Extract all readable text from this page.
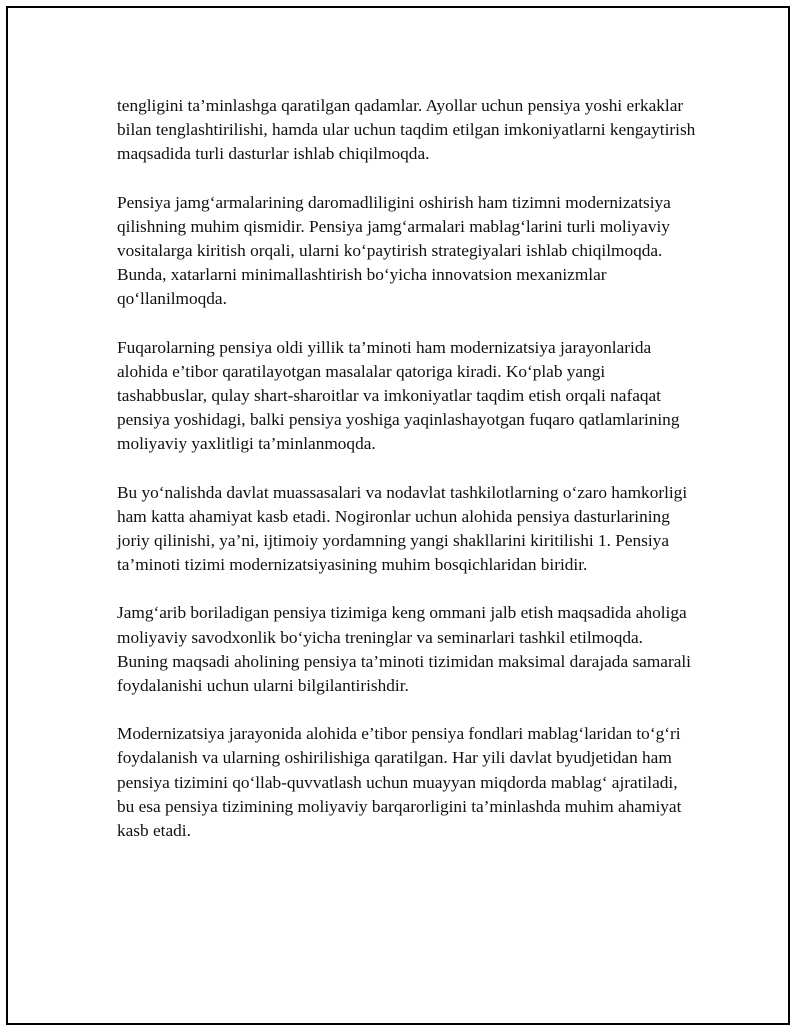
tengligini ta’minlashga qaratilgan qadamlar. Ayollar uchun pensiya yoshi erkaklar bilan tenglashtirilishi, hamda ular uchun taqdim etilgan imkoniyatlarni kengaytirish maqsadida turli dasturlar ishlab chiqilmoqda.

Pensiya jamg‘armalarining daromadliligini oshirish ham tizimni modernizatsiya qilishning muhim qismidir. Pensiya jamg‘armalari mablag‘larini turli moliyaviy vositalarga kiritish orqali, ularni ko‘paytirish strategiyalari ishlab chiqilmoqda. Bunda, xatarlarni minimallashtirish bo‘yicha innovatsion mexanizmlar qo‘llanilmoqda.

Fuqarolarning pensiya oldi yillik ta’minoti ham modernizatsiya jarayonlarida alohida e’tibor qaratilayotgan masalalar qatoriga kiradi. Ko‘plab yangi tashabbuslar, qulay shart-sharoitlar va imkoniyatlar taqdim etish orqali nafaqat pensiya yoshidagi, balki pensiya yoshiga yaqinlashayotgan fuqaro qatlamlarining moliyaviy yaxlitligi ta’minlanmoqda.

Bu yo‘nalishda davlat muassasalari va nodavlat tashkilotlarning o‘zaro hamkorligi ham katta ahamiyat kasb etadi. Nogironlar uchun alohida pensiya dasturlarining joriy qilinishi, ya’ni, ijtimoiy yordamning yangi shakllarini kiritilishi 1. Pensiya ta’minoti tizimi modernizatsiyasining muhim bosqichlaridan biridir.

Jamg‘arib boriladigan pensiya tizimiga keng ommani jalb etish maqsadida aholiga moliyaviy savodxonlik bo‘yicha treninglar va seminarlari tashkil etilmoqda. Buning maqsadi aholining pensiya ta’minoti tizimidan maksimal darajada samarali foydalanishi uchun ularni bilgilantirishdir.

Modernizatsiya jarayonida alohida e’tibor pensiya fondlari mablag‘laridan to‘g‘ri foydalanish va ularning oshirilishiga qaratilgan. Har yili davlat byudjetidan ham pensiya tizimini qo‘llab-quvvatlash uchun muayyan miqdorda mablag‘ ajratiladi, bu esa pensiya tizimining moliyaviy barqarorligini ta’minlashda muhim ahamiyat kasb etadi.
